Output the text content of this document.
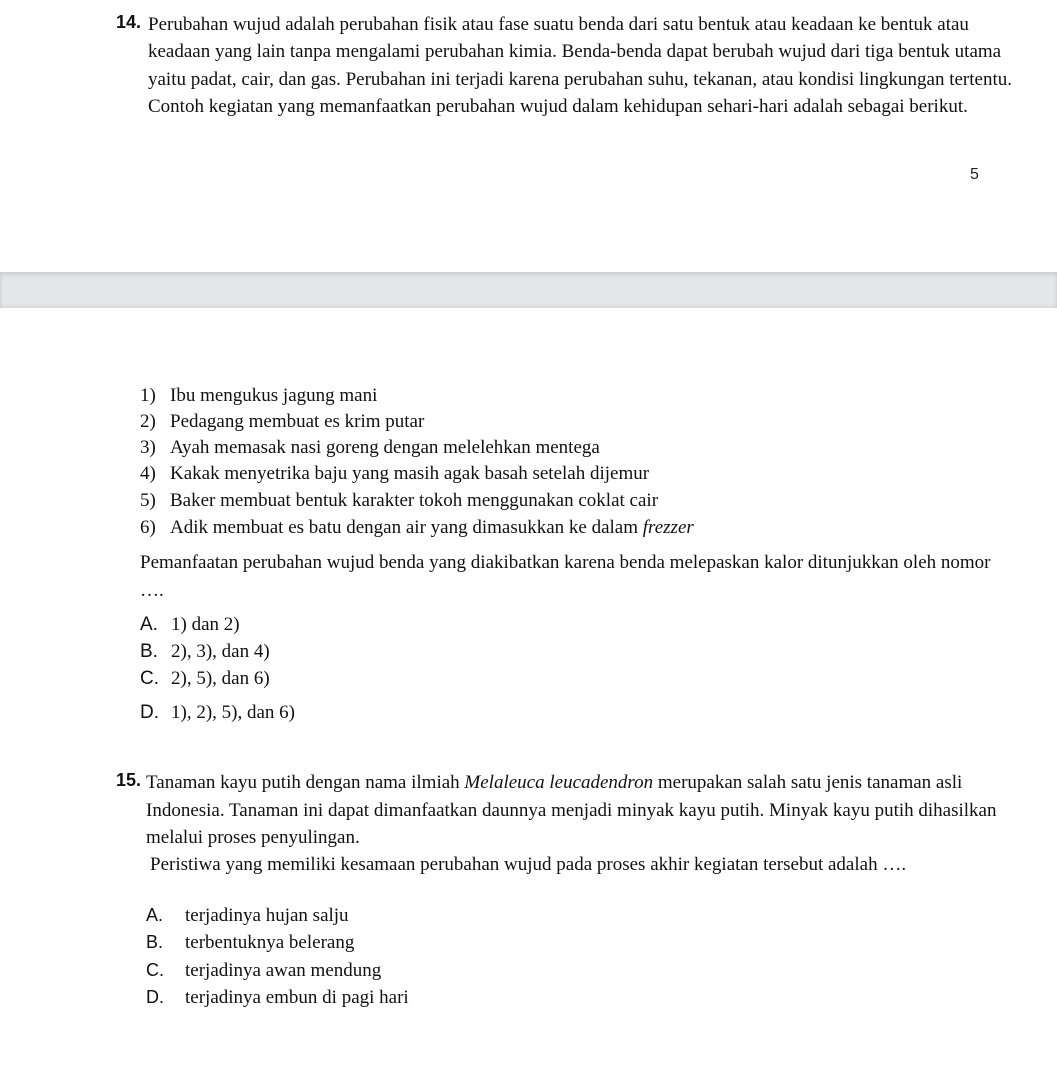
14. Perubahan wujud adalah perubahan fisik atau fase suatu benda dari satu bentuk atau keadaan ke bentuk atau keadaan yang lain tanpa mengalami perubahan kimia. Benda-benda dapat berubah wujud dari tiga bentuk utama yaitu padat, cair, dan gas. Perubahan ini terjadi karena perubahan suhu, tekanan, atau kondisi lingkungan tertentu. Contoh kegiatan yang memanfaatkan perubahan wujud dalam kehidupan sehari-hari adalah sebagai berikut.
5
1) Ibu mengukus jagung mani
2) Pedagang membuat es krim putar
3) Ayah memasak nasi goreng dengan melelehkan mentega
4) Kakak menyetrika baju yang masih agak basah setelah dijemur
5) Baker membuat bentuk karakter tokoh menggunakan coklat cair
6) Adik membuat es batu dengan air yang dimasukkan ke dalam frezzer
Pemanfaatan perubahan wujud benda yang diakibatkan karena benda melepaskan kalor ditunjukkan oleh nomor ….
A. 1) dan 2)
B. 2), 3), dan 4)
C. 2), 5), dan 6)
D. 1), 2), 5), dan 6)
15. Tanaman kayu putih dengan nama ilmiah Melaleuca leucadendron merupakan salah satu jenis tanaman asli Indonesia. Tanaman ini dapat dimanfaatkan daunnya menjadi minyak kayu putih. Minyak kayu putih dihasilkan melalui proses penyulingan.
Peristiwa yang memiliki kesamaan perubahan wujud pada proses akhir kegiatan tersebut adalah ….
A. terjadinya hujan salju
B. terbentuknya belerang
C. terjadinya awan mendung
D. terjadinya embun di pagi hari
